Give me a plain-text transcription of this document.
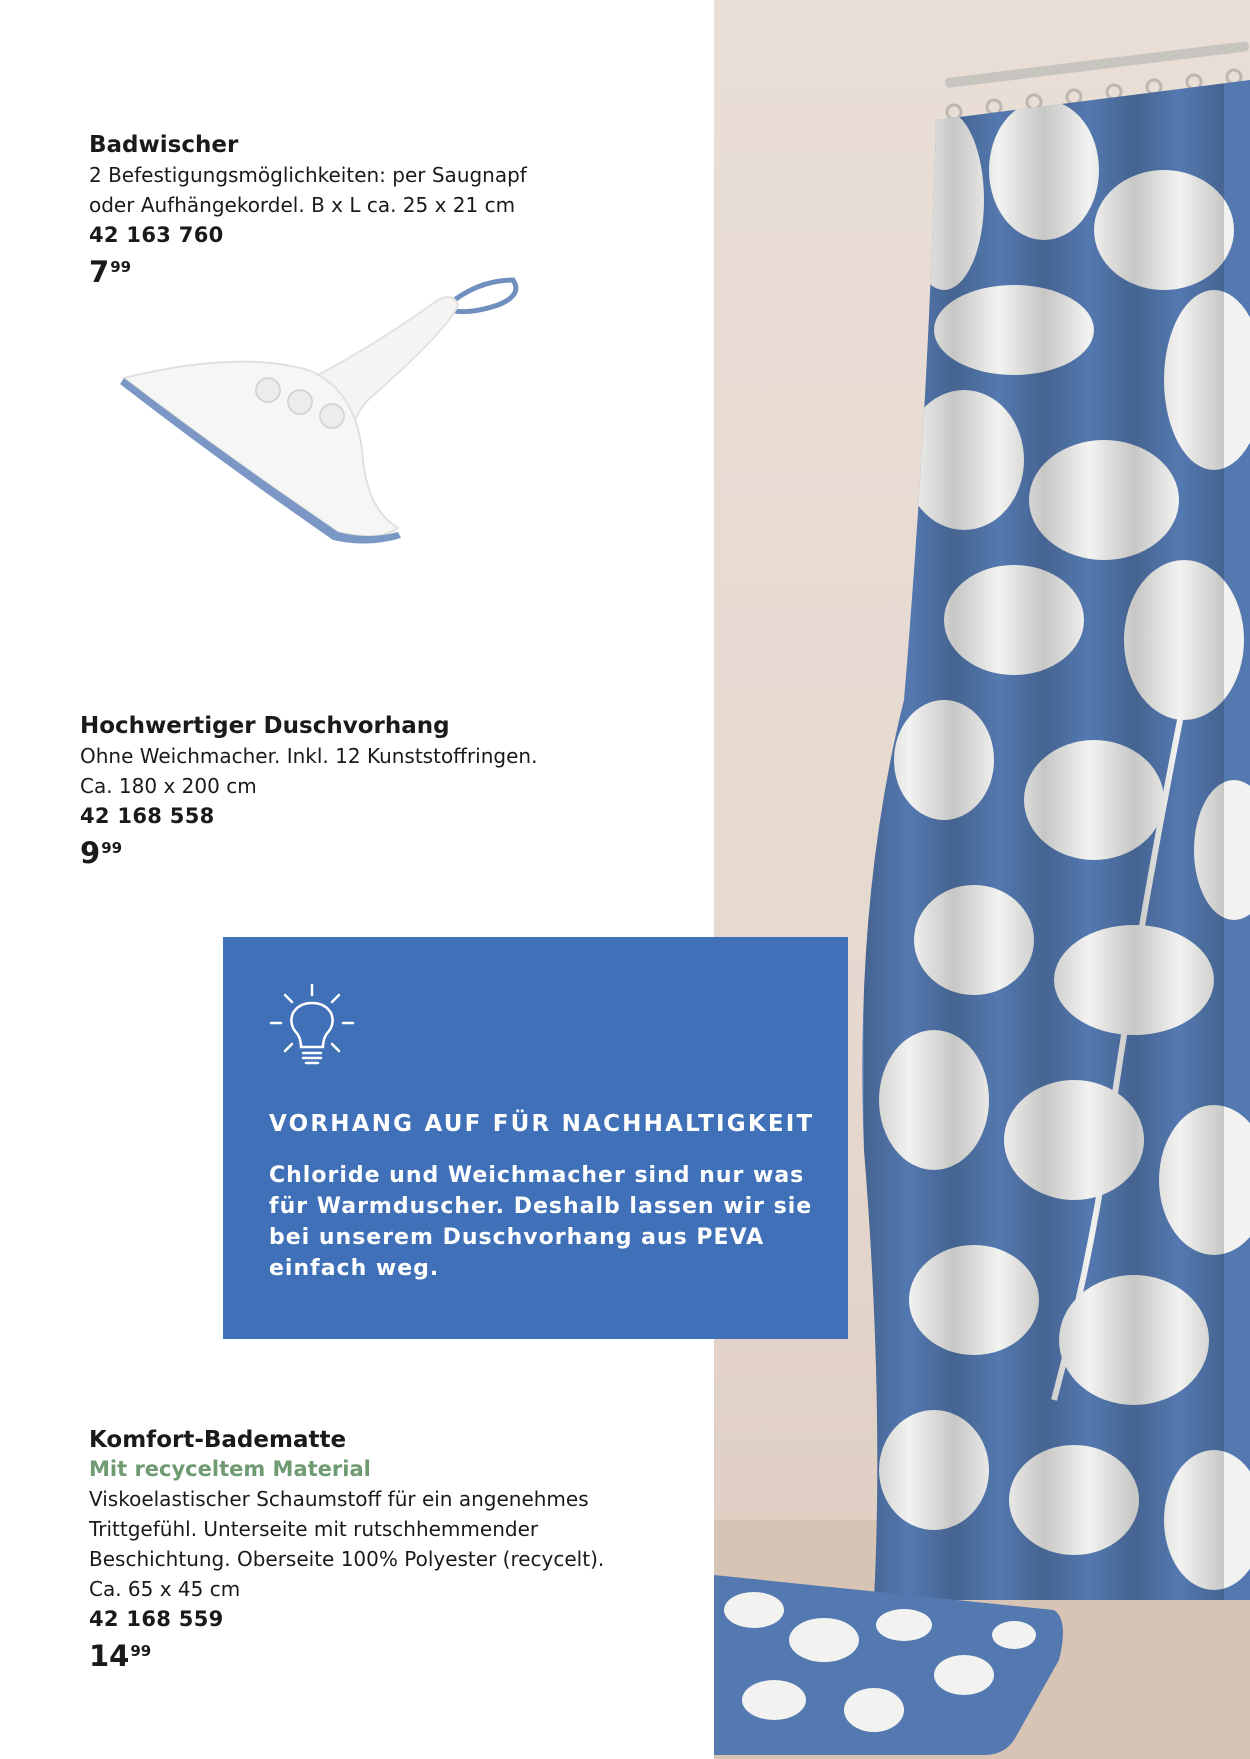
Badwischer

2 Befestigungsmöglichkeiten: per Saugnapf
oder Aufhängekordel. B x L ca. 25 x 21 cm

42 163 760

7 99

Hochwertiger Duschvorhang

Ohne Weichmacher. Inkl. 12 Kunststoffringen.
Ca. 180 x 200 cm

42 168 558

9 99

VORHANG AUF FÜR NACHHALTIGKEIT

Chloride und Weichmacher sind nur was
für Warmduscher. Deshalb lassen wir sie
bei unserem Duschvorhang aus PEVA
einfach weg.

Komfort-Badematte

Mit recyceltem Material

Viskoelastischer Schaumstoff für ein angenehmes
Trittgefühl. Unterseite mit rutschhemmender
Beschichtung. Oberseite 100% Polyester (recycelt).
Ca. 65 x 45 cm

42 168 559

14 99
